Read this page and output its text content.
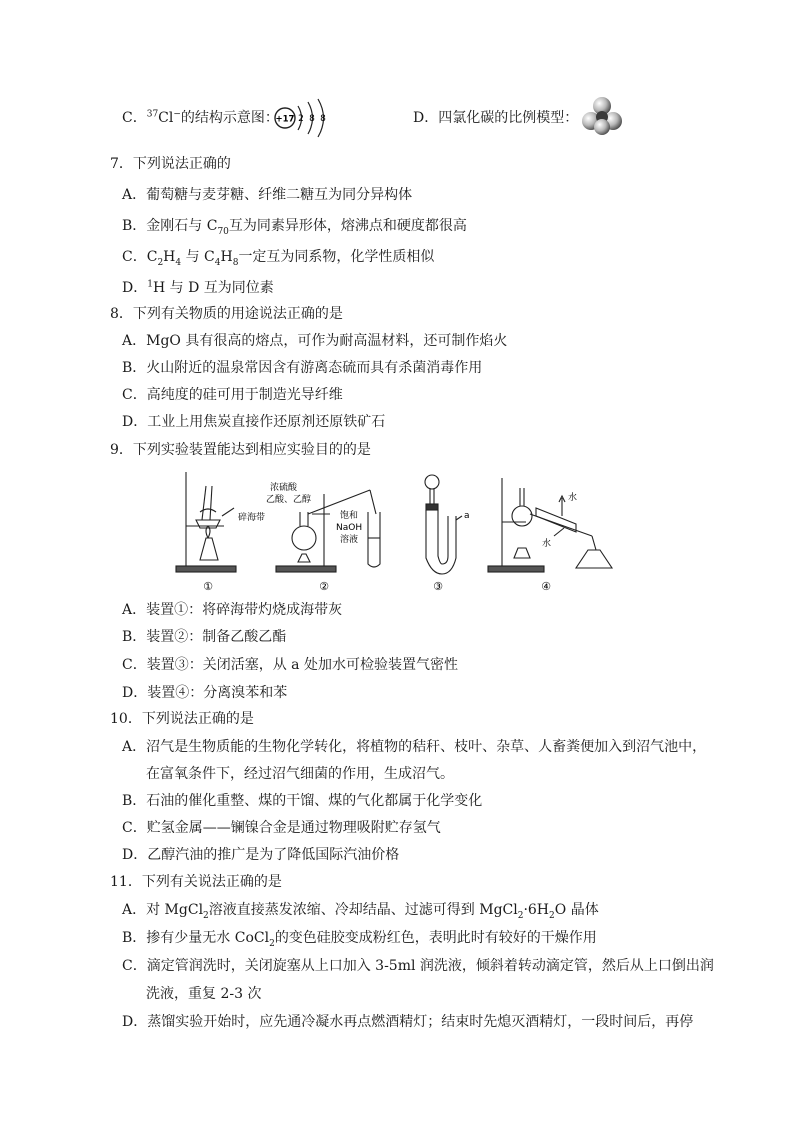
C．$^{37}$Cl−的结构示意图：
+17 2 8 8	D．四氯化碳的比例模型：
7．下列说法正确的
A．葡萄糖与麦芽糖、纤维二糖互为同分异构体
B．金刚石与 $C_{70}$互为同素异形体，熔沸点和硬度都很高
C．$C_2H_4$ 与 $C_4H_8$一定互为同系物，化学性质相似
D．$^1$H 与 D 互为同位素
8．下列有关物质的用途说法正确的是
A．MgO 具有很高的熔点，可作为耐高温材料，还可制作焰火
B．火山附近的温泉常因含有游离态硫而具有杀菌消毒作用
C．高纯度的硅可用于制造光导纤维
D．工业上用焦炭直接作还原剂还原铁矿石
9．下列实验装置能达到相应实验目的的是
碎海带
浓硫酸
乙酸、乙醇
饱和
NaOH
溶液
a
水
水
①	②	③	④
A．装置①：将碎海带灼烧成海带灰
B．装置②：制备乙酸乙酯
C．装置③：关闭活塞，从 a 处加水可检验装置气密性
D．装置④：分离溴苯和苯
10．下列说法正确的是
A．沼气是生物质能的生物化学转化，将植物的秸秆、枝叶、杂草、人畜粪便加入到沼气池中，
在富氧条件下，经过沼气细菌的作用，生成沼气。
B．石油的催化重整、煤的干馏、煤的气化都属于化学变化
C．贮氢金属——镧镍合金是通过物理吸附贮存氢气
D．乙醇汽油的推广是为了降低国际汽油价格
11．下列有关说法正确的是
A．对 MgCl$_2$溶液直接蒸发浓缩、冷却结晶、过滤可得到 $MgCl_2\cdot 6H_2O$ 晶体
B．掺有少量无水 CoCl$_2$的变色硅胶变成粉红色，表明此时有较好的干燥作用
C．滴定管润洗时，关闭旋塞从上口加入 3-5ml 润洗液，倾斜着转动滴定管，然后从上口倒出润
洗液，重复 2-3 次
D．蒸馏实验开始时，应先通冷凝水再点燃酒精灯；结束时先熄灭酒精灯，一段时间后，再停
